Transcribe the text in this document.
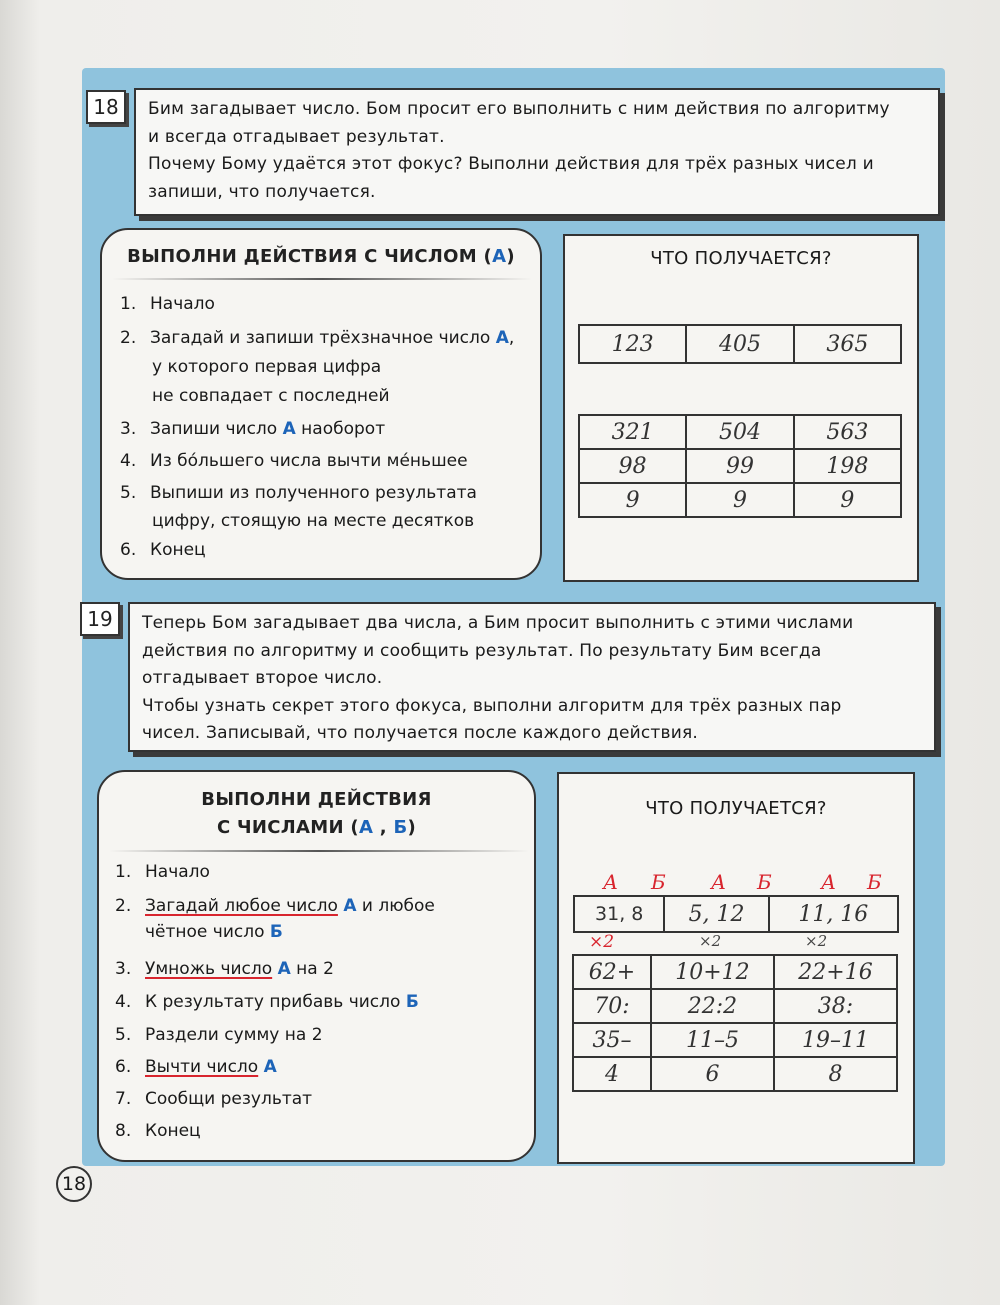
18	Бим загадывает число. Бом просит его выполнить с ним действия по алгоритму

и всегда отгадывает результат.

Почему Бому удаётся этот фокус? Выполни действия для трёх разных чисел и

запиши, что получается.

ВЫПОЛНИ ДЕЙСТВИЯ С ЧИСЛОМ (А)
1. Начало
2. Загадай и запиши трёхзначное число А,
у которого первая цифра
не совпадает с последней
3. Запиши число А наоборот
4. Из бо́льшего числа вычти ме́ньшее
5. Выпиши из полученного результата
цифру, стоящую на месте десятков
6. Конец
ЧТО ПОЛУЧАЕТСЯ?
123	405	365
321	504	563
98	99	198
9	9	9
19	Теперь Бом загадывает два числа, а Бим просит выполнить с этими числами

действия по алгоритму и сообщить результат. По результату Бим всегда

отгадывает второе число.

Чтобы узнать секрет этого фокуса, выполни алгоритм для трёх разных пар

чисел. Записывай, что получается после каждого действия.

ВЫПОЛНИ ДЕЙСТВИЯ
С ЧИСЛАМИ (А , Б)
1. Начало
2. Загадай любое число А и любое
чётное число Б
3. Умножь число А на 2
4. К результату прибавь число Б
5. Раздели сумму на 2
6. Вычти число А
7. Сообщи результат
8. Конец
ЧТО ПОЛУЧАЕТСЯ?
А Б А Б А Б
31, 8	5, 12	11, 16
×2	×2	×2
62+	10+12	22+16
70:	22:2	38:
35–	11–5	19–11
4	6	8
18
